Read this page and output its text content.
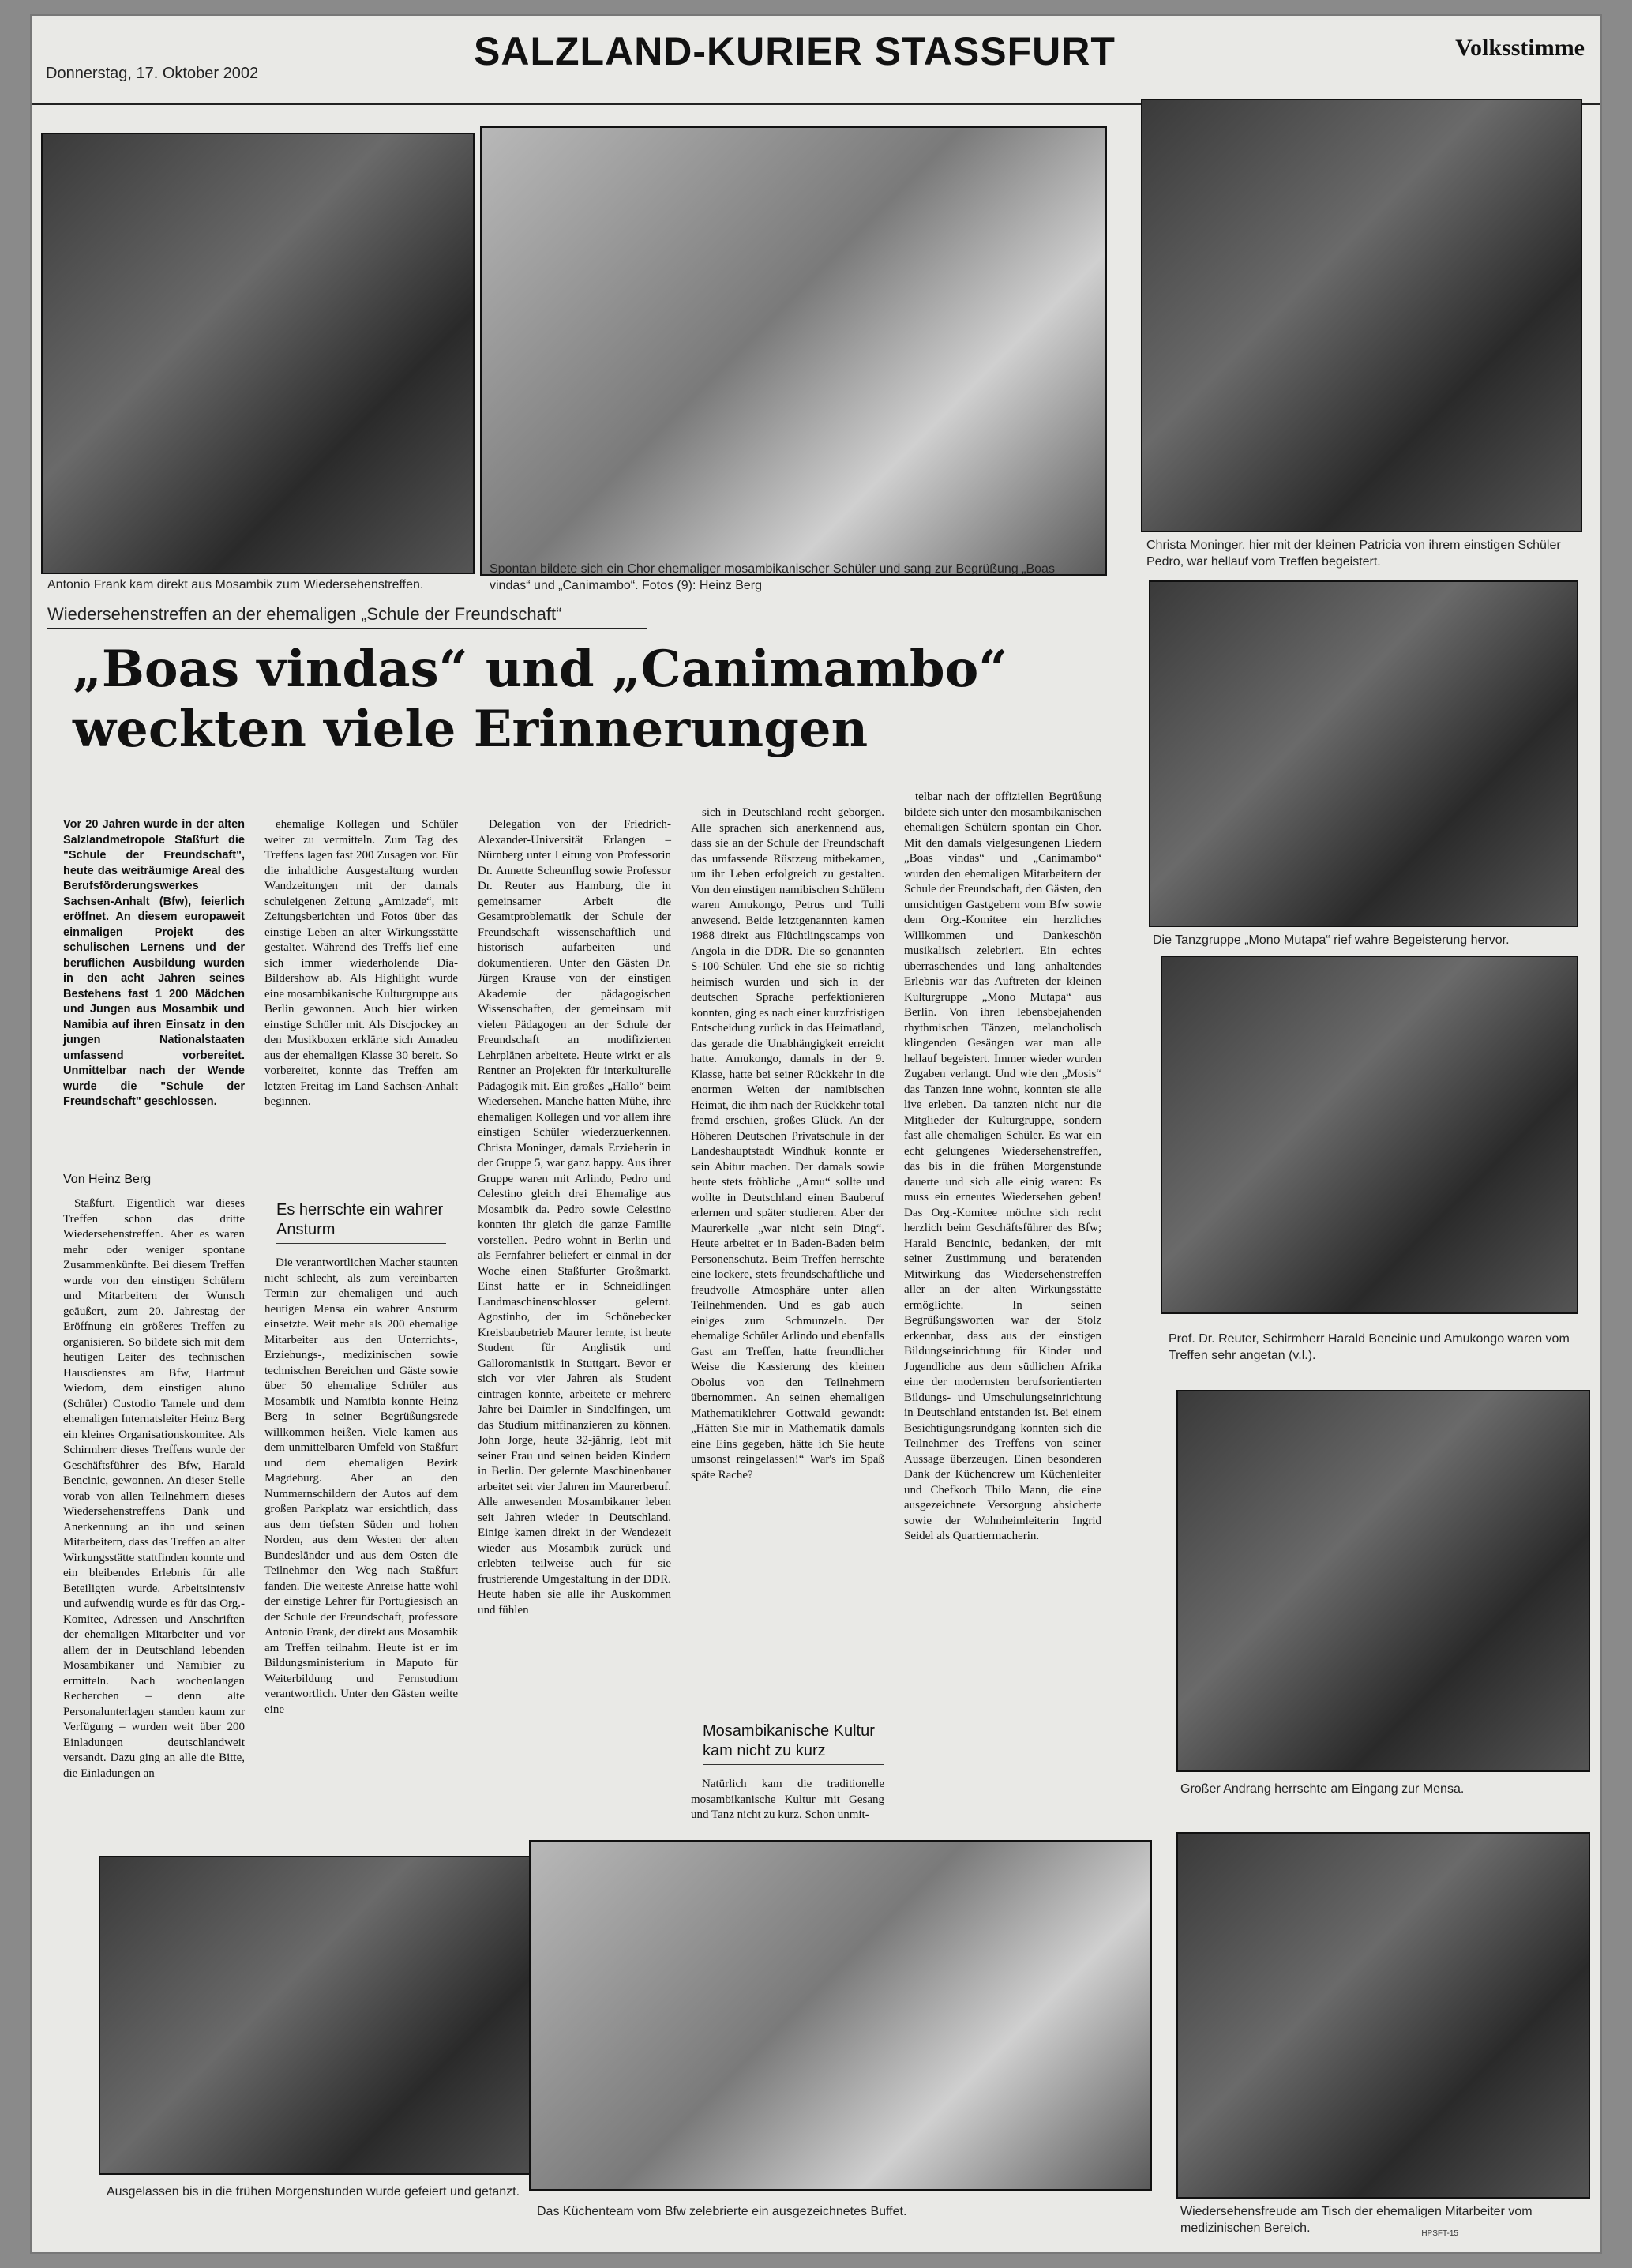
Donnerstag, 17. Oktober 2002	SALZLAND-KURIER STASSFURT	Volksstimme
Antonio Frank kam direkt aus Mosambik zum Wiedersehenstreffen.
Spontan bildete sich ein Chor ehemaliger mosambikanischer Schüler und sang zur Begrüßung „Boas vindas“ und „Canimambo“. Fotos (9): Heinz Berg
Christa Moninger, hier mit der kleinen Patricia von ihrem einstigen Schüler Pedro, war hellauf vom Treffen begeistert.
Die Tanzgruppe „Mono Mutapa“ rief wahre Begeisterung hervor.
Prof. Dr. Reuter, Schirmherr Harald Bencinic und Amukongo waren vom Treffen sehr angetan (v.l.).
Großer Andrang herrschte am Eingang zur Mensa.
Wiedersehenstreffen an der ehemaligen „Schule der Freundschaft“
„Boas vindas“ und „Canimambo“ weckten viele Erinnerungen
Vor 20 Jahren wurde in der alten Salzlandmetropole Staßfurt die "Schule der Freundschaft", heute das weiträumige Areal des Berufsförderungswerkes Sachsen-Anhalt (Bfw), feierlich eröffnet. An diesem europaweit einmaligen Projekt des schulischen Lernens und der beruflichen Ausbildung wurden in den acht Jahren seines Bestehens fast 1 200 Mädchen und Jungen aus Mosambik und Namibia auf ihren Einsatz in den jungen Nationalstaaten umfassend vorbereitet. Unmittelbar nach der Wende wurde die "Schule der Freundschaft" geschlossen.
Von Heinz Berg

Staßfurt. Eigentlich war dieses Treffen schon das dritte Wiedersehenstreffen. Aber es waren mehr oder weniger spontane Zusammenkünfte. Bei diesem Treffen wurde von den einstigen Schülern und Mitarbeitern der Wunsch geäußert, zum 20. Jahrestag der Eröffnung ein größeres Treffen zu organisieren. So bildete sich mit dem heutigen Leiter des technischen Hausdienstes am Bfw, Hartmut Wiedom, dem einstigen aluno (Schüler) Custodio Tamele und dem ehemaligen Internatsleiter Heinz Berg ein kleines Organisationskomitee. Als Schirmherr dieses Treffens wurde der Geschäftsführer des Bfw, Harald Bencinic, gewonnen. An dieser Stelle vorab von allen Teilnehmern dieses Wiedersehenstreffens Dank und Anerkennung an ihn und seinen Mitarbeitern, dass das Treffen an alter Wirkungsstätte stattfinden konnte und ein bleibendes Erlebnis für alle Beteiligten wurde. Arbeitsintensiv und aufwendig wurde es für das Org.-Komitee, Adressen und Anschriften der ehemaligen Mitarbeiter und vor allem der in Deutschland lebenden Mosambikaner und Namibier zu ermitteln. Nach wochenlangen Recherchen – denn alte Personalunterlagen standen kaum zur Verfügung – wurden weit über 200 Einladungen deutschlandweit versandt. Dazu ging an alle die Bitte, die Einladungen an

ehemalige Kollegen und Schüler weiter zu vermitteln. Zum Tag des Treffens lagen fast 200 Zusagen vor. Für die inhaltliche Ausgestaltung wurden Wandzeitungen mit der damals schuleigenen Zeitung „Amizade“, mit Zeitungsberichten und Fotos über das einstige Leben an alter Wirkungsstätte gestaltet. Während des Treffs lief eine sich immer wiederholende Dia-Bildershow ab. Als Highlight wurde eine mosambikanische Kulturgruppe aus Berlin gewonnen. Auch hier wirken einstige Schüler mit. Als Discjockey an den Musikboxen erklärte sich Amadeu aus der ehemaligen Klasse 30 bereit. So vorbereitet, konnte das Treffen am letzten Freitag im Land Sachsen-Anhalt beginnen.

Es herrschte ein wahrer Ansturm

Die verantwortlichen Macher staunten nicht schlecht, als zum vereinbarten Termin zur ehemaligen und auch heutigen Mensa ein wahrer Ansturm einsetzte. Weit mehr als 200 ehemalige Mitarbeiter aus den Unterrichts-, Erziehungs-, medizinischen sowie technischen Bereichen und Gäste sowie über 50 ehemalige Schüler aus Mosambik und Namibia konnte Heinz Berg in seiner Begrüßungsrede willkommen heißen. Viele kamen aus dem unmittelbaren Umfeld von Staßfurt und dem ehemaligen Bezirk Magdeburg. Aber an den Nummernschildern der Autos auf dem großen Parkplatz war ersichtlich, dass aus dem tiefsten Süden und hohen Norden, aus dem Westen der alten Bundesländer und aus dem Osten die Teilnehmer den Weg nach Staßfurt fanden. Die weiteste Anreise hatte wohl der einstige Lehrer für Portugiesisch an der Schule der Freundschaft, professore Antonio Frank, der direkt aus Mosambik am Treffen teilnahm. Heute ist er im Bildungsministerium in Maputo für Weiterbildung und Fernstudium verantwortlich. Unter den Gästen weilte eine

Delegation von der Friedrich-Alexander-Universität Erlangen – Nürnberg unter Leitung von Professorin Dr. Annette Scheunflug sowie Professor Dr. Reuter aus Hamburg, die in gemeinsamer Arbeit die Gesamtproblematik der Schule der Freundschaft wissenschaftlich und historisch aufarbeiten und dokumentieren. Unter den Gästen Dr. Jürgen Krause von der einstigen Akademie der pädagogischen Wissenschaften, der gemeinsam mit vielen Pädagogen an der Schule der Freundschaft an modifizierten Lehrplänen arbeitete. Heute wirkt er als Rentner an Projekten für interkulturelle Pädagogik mit. Ein großes „Hallo“ beim Wiedersehen. Manche hatten Mühe, ihre ehemaligen Kollegen und vor allem ihre einstigen Schüler wiederzuerkennen. Christa Moninger, damals Erzieherin in der Gruppe 5, war ganz happy. Aus ihrer Gruppe waren mit Arlindo, Pedro und Celestino gleich drei Ehemalige aus Mosambik da. Pedro sowie Celestino konnten ihr gleich die ganze Familie vorstellen. Pedro wohnt in Berlin und als Fernfahrer beliefert er einmal in der Woche einen Staßfurter Großmarkt. Einst hatte er in Schneidlingen Landmaschinenschlosser gelernt. Agostinho, der im Schönebecker Kreisbaubetrieb Maurer lernte, ist heute Student für Anglistik und Galloromanistik in Stuttgart. Bevor er sich vor vier Jahren als Student eintragen konnte, arbeitete er mehrere Jahre bei Daimler in Sindelfingen, um das Studium mitfinanzieren zu können. John Jorge, heute 32-jährig, lebt mit seiner Frau und seinen beiden Kindern in Berlin. Der gelernte Maschinenbauer arbeitet seit vier Jahren im Maurerberuf. Alle anwesenden Mosambikaner leben seit Jahren wieder in Deutschland. Einige kamen direkt in der Wendezeit wieder aus Mosambik zurück und erlebten teilweise auch für sie frustrierende Umgestaltung in der DDR. Heute haben sie alle ihr Auskommen und fühlen

sich in Deutschland recht geborgen. Alle sprachen sich anerkennend aus, dass sie an der Schule der Freundschaft das umfassende Rüstzeug mitbekamen, um ihr Leben erfolgreich zu gestalten. Von den einstigen namibischen Schülern waren Amukongo, Petrus und Tulli anwesend. Beide letztgenannten kamen 1988 direkt aus Flüchtlingscamps von Angola in die DDR. Die so genannten S-100-Schüler. Und ehe sie so richtig heimisch wurden und sich in der deutschen Sprache perfektionieren konnten, ging es nach einer kurzfristigen Entscheidung zurück in das Heimatland, das gerade die Unabhängigkeit erreicht hatte. Amukongo, damals in der 9. Klasse, hatte bei seiner Rückkehr in die enormen Weiten der namibischen Heimat, die ihm nach der Rückkehr total fremd erschien, großes Glück. An der Höheren Deutschen Privatschule in der Landeshauptstadt Windhuk konnte er sein Abitur machen. Der damals sowie heute stets fröhliche „Amu“ sollte und wollte in Deutschland einen Bauberuf erlernen und später studieren. Aber der Maurerkelle „war nicht sein Ding“. Heute arbeitet er in Baden-Baden beim Personenschutz. Beim Treffen herrschte eine lockere, stets freundschaftliche und freudvolle Atmosphäre unter allen Teilnehmenden. Und es gab auch einiges zum Schmunzeln. Der ehemalige Schüler Arlindo und ebenfalls Gast am Treffen, hatte freundlicher Weise die Kassierung des kleinen Obolus von den Teilnehmern übernommen. An seinen ehemaligen Mathematiklehrer Gottwald gewandt: „Hätten Sie mir in Mathematik damals eine Eins gegeben, hätte ich Sie heute umsonst reingelassen!“ War's im Spaß späte Rache?

Mosambikanische Kultur kam nicht zu kurz

Natürlich kam die traditionelle mosambikanische Kultur mit Gesang und Tanz nicht zu kurz. Schon unmit-

telbar nach der offiziellen Begrüßung bildete sich unter den mosambikanischen ehemaligen Schülern spontan ein Chor. Mit den damals vielgesungenen Liedern „Boas vindas“ und „Canimambo“ wurden den ehemaligen Mitarbeitern der Schule der Freundschaft, den Gästen, den umsichtigen Gastgebern vom Bfw sowie dem Org.-Komitee ein herzliches Willkommen und Dankeschön musikalisch zelebriert. Ein echtes überraschendes und lang anhaltendes Erlebnis war das Auftreten der kleinen Kulturgruppe „Mono Mutapa“ aus Berlin. Von ihren lebensbejahenden rhythmischen Tänzen, melancholisch klingenden Gesängen war man alle hellauf begeistert. Immer wieder wurden Zugaben verlangt. Und wie den „Mosis“ das Tanzen inne wohnt, konnten sie alle live erleben. Da tanzten nicht nur die Mitglieder der Kulturgruppe, sondern fast alle ehemaligen Schüler. Es war ein echt gelungenes Wiedersehenstreffen, das bis in die frühen Morgenstunde dauerte und sich alle einig waren: Es muss ein erneutes Wiedersehen geben! Das Org.-Komitee möchte sich recht herzlich beim Geschäftsführer des Bfw; Harald Bencinic, bedanken, der mit seiner Zustimmung und beratenden Mitwirkung das Wiedersehenstreffen aller an der alten Wirkungsstätte ermöglichte. In seinen Begrüßungsworten war der Stolz erkennbar, dass aus der einstigen Bildungseinrichtung für Kinder und Jugendliche aus dem südlichen Afrika eine der modernsten berufsorientierten Bildungs- und Umschulungseinrichtung in Deutschland entstanden ist. Bei einem Besichtigungsrundgang konnten sich die Teilnehmer des Treffens von seiner Aussage überzeugen. Einen besonderen Dank der Küchencrew um Küchenleiter und Chefkoch Thilo Mann, die eine ausgezeichnete Versorgung absicherte sowie der Wohnheimleiterin Ingrid Seidel als Quartiermacherin.

Ausgelassen bis in die frühen Morgenstunden wurde gefeiert und getanzt.
Das Küchenteam vom Bfw zelebrierte ein ausgezeichnetes Buffet.	Wiedersehensfreude am Tisch der ehemaligen Mitarbeiter vom medizinischen Bereich.	HPSFT-15
